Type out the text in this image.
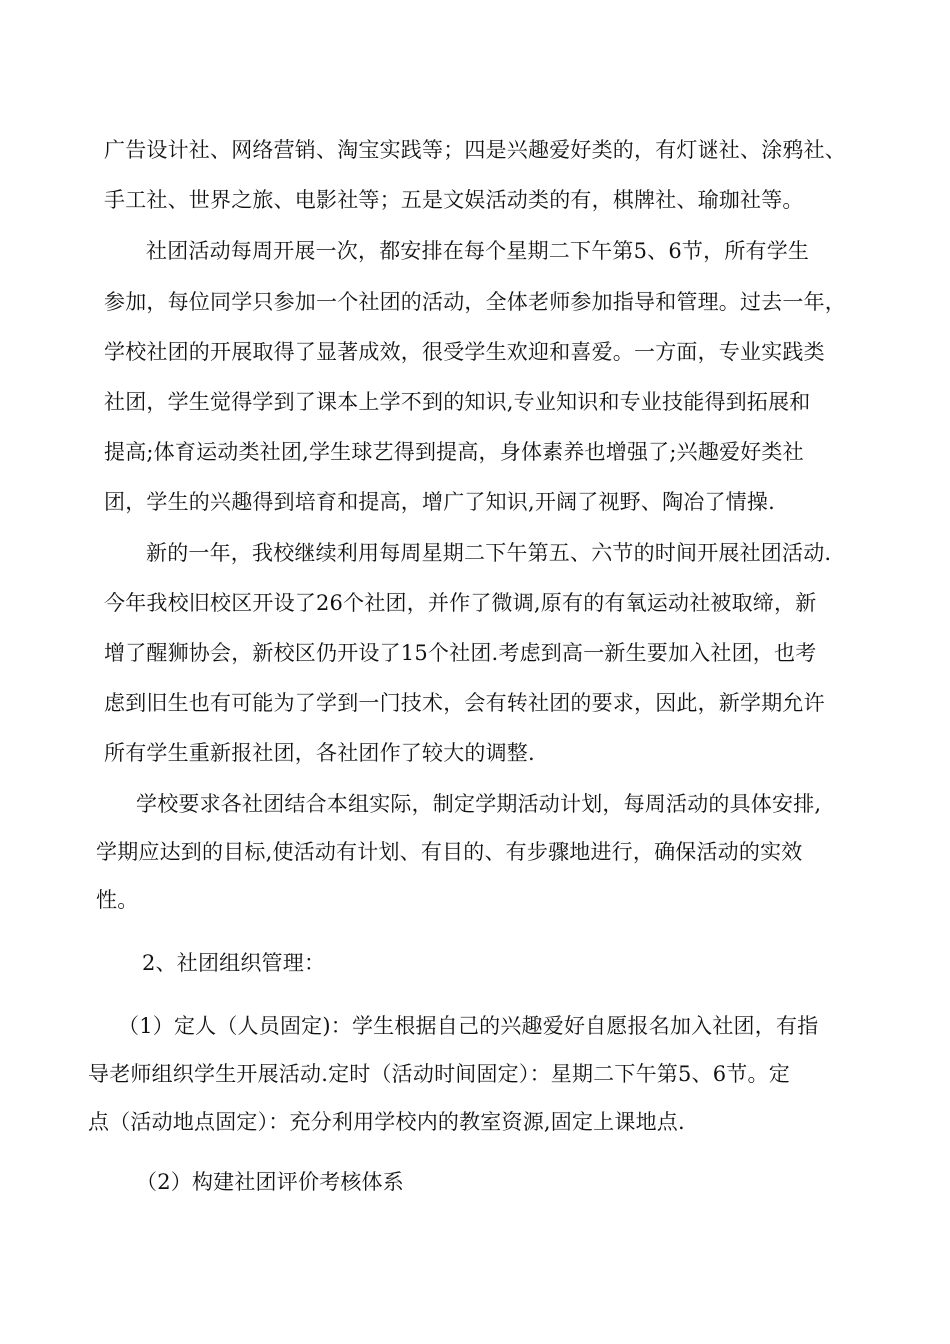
广告设计社、网络营销、淘宝实践等；四是兴趣爱好类的，有灯谜社、涂鸦社、
手工社、世界之旅、电影社等；五是文娱活动类的有，棋牌社、瑜珈社等。
社团活动每周开展一次，都安排在每个星期二下午第5、6节，所有学生
参加，每位同学只参加一个社团的活动，全体老师参加指导和管理。过去一年，
学校社团的开展取得了显著成效，很受学生欢迎和喜爱。一方面，专业实践类
社团，学生觉得学到了课本上学不到的知识,专业知识和专业技能得到拓展和
提高;体育运动类社团,学生球艺得到提高，身体素养也增强了;兴趣爱好类社
团，学生的兴趣得到培育和提高，增广了知识,开阔了视野、陶冶了情操.
新的一年，我校继续利用每周星期二下午第五、六节的时间开展社团活动.
今年我校旧校区开设了26个社团，并作了微调,原有的有氧运动社被取缔，新
增了醒狮协会，新校区仍开设了15个社团.考虑到高一新生要加入社团，也考
虑到旧生也有可能为了学到一门技术，会有转社团的要求，因此，新学期允许
所有学生重新报社团，各社团作了较大的调整.
学校要求各社团结合本组实际，制定学期活动计划，每周活动的具体安排,
学期应达到的目标,使活动有计划、有目的、有步骤地进行，确保活动的实效
性。
2、社团组织管理：
（1）定人（人员固定)：学生根据自己的兴趣爱好自愿报名加入社团，有指
导老师组织学生开展活动.定时（活动时间固定）：星期二下午第5、6节。定
点（活动地点固定）：充分利用学校内的教室资源,固定上课地点.
（2）构建社团评价考核体系
